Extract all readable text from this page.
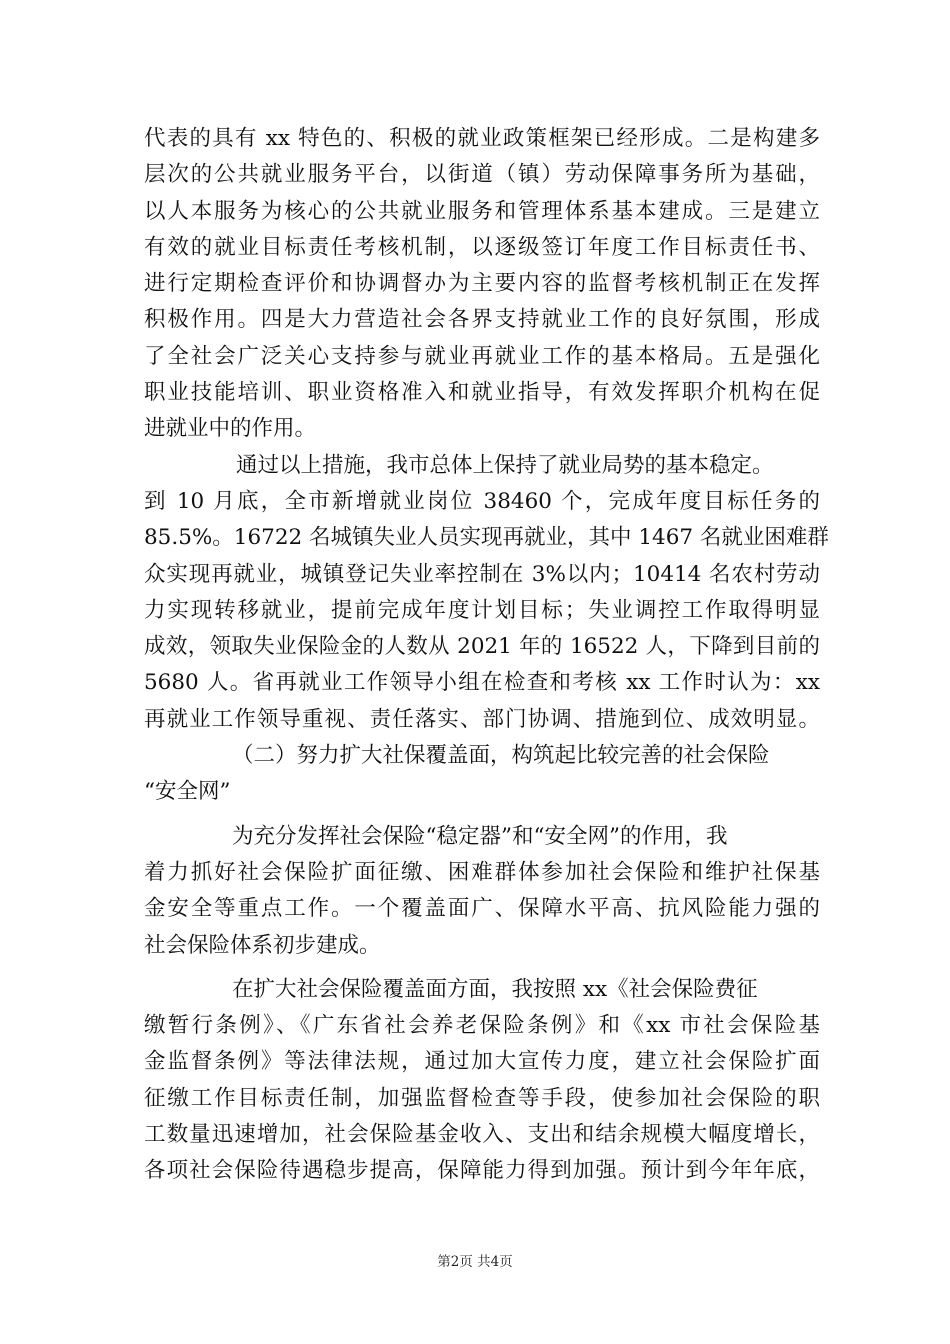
代表的具有 xx 特色的、积极的就业政策框架已经形成。二是构建多
层次的公共就业服务平台，以街道（镇）劳动保障事务所为基础，
以人本服务为核心的公共就业服务和管理体系基本建成。三是建立
有效的就业目标责任考核机制，以逐级签订年度工作目标责任书、
进行定期检查评价和协调督办为主要内容的监督考核机制正在发挥
积极作用。四是大力营造社会各界支持就业工作的良好氛围，形成
了全社会广泛关心支持参与就业再就业工作的基本格局。五是强化
职业技能培训、职业资格准入和就业指导，有效发挥职介机构在促
进就业中的作用。
通过以上措施，我市总体上保持了就业局势的基本稳定。
到 10 月底，全市新增就业岗位 38460 个，完成年度目标任务的
85.5%。16722 名城镇失业人员实现再就业，其中 1467 名就业困难群
众实现再就业，城镇登记失业率控制在 3%以内；10414 名农村劳动
力实现转移就业，提前完成年度计划目标；失业调控工作取得明显
成效，领取失业保险金的人数从 2021 年的 16522 人，下降到目前的
5680 人。省再就业工作领导小组在检查和考核 xx 工作时认为：xx
再就业工作领导重视、责任落实、部门协调、措施到位、成效明显。
（二）努力扩大社保覆盖面，构筑起比较完善的社会保险
“安全网”
为充分发挥社会保险“稳定器”和“安全网”的作用，我
着力抓好社会保险扩面征缴、困难群体参加社会保险和维护社保基
金安全等重点工作。一个覆盖面广、保障水平高、抗风险能力强的
社会保险体系初步建成。
在扩大社会保险覆盖面方面，我按照 xx《社会保险费征
缴暂行条例》、《广东省社会养老保险条例》和《xx 市社会保险基
金监督条例》等法律法规，通过加大宣传力度，建立社会保险扩面
征缴工作目标责任制，加强监督检查等手段，使参加社会保险的职
工数量迅速增加，社会保险基金收入、支出和结余规模大幅度增长，
各项社会保险待遇稳步提高，保障能力得到加强。预计到今年年底，
第2页 共4页
